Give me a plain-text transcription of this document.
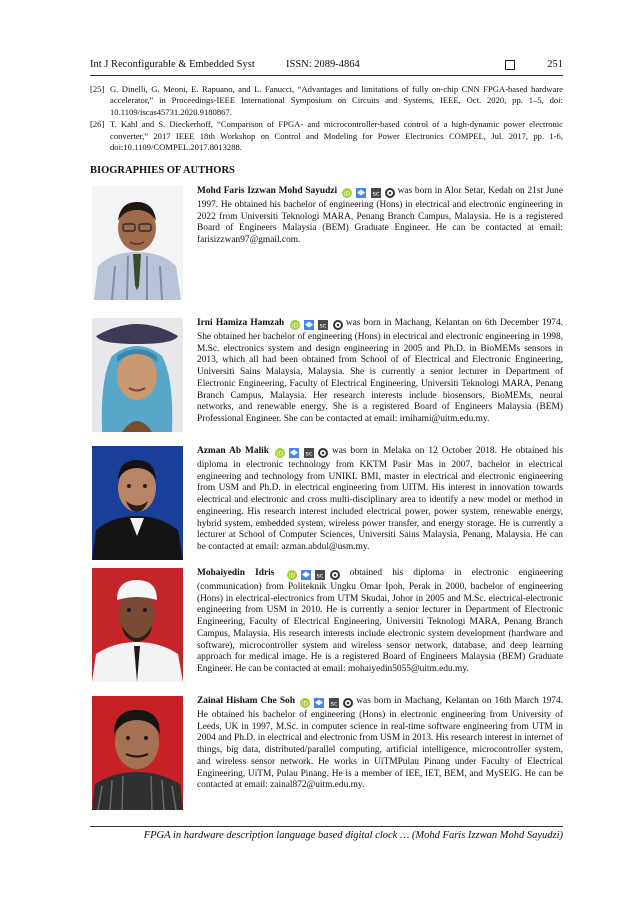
Int J Reconfigurable & Embedded Syst	ISSN: 2089-4864	251
[25] G. Dinelli, G. Meoni, E. Rapuano, and L. Fanucci, “Advantages and limitations of fully on-chip CNN FPGA-based hardware accelerator,” in Proceedings-IEEE International Symposium on Circuits and Systems, IEEE, Oct. 2020, pp. 1–5, doi: 10.1109/iscas45731.2020.9180867.
[26] T. Kahl and S. Dieckerhoff, “Comparison of FPGA- and microcontroller-based control of a high-dynamic power electronic converter,” 2017 IEEE 18th Workshop on Control and Modeling for Power Electronics COMPEL, Jul. 2017, pp. 1-6, doi:10.1109/COMPEL.2017.8013288.
BIOGRAPHIES OF AUTHORS
Mohd Faris Izzwan Mohd Sayudzi iD
	sc was born in Alor Setar, Kedah on 21st June 1997. He obtained his bachelor of engineering (Hons) in electrical and electronic engineering in 2022 from Universiti Teknologi MARA, Penang Branch Campus, Malaysia. He is a registered Board of Engineers Malaysia (BEM) Graduate Engineer. He can be contacted at email: farisizzwan97@gmail.com.
Irni Hamiza Hamzah iD
	sc was born in Machang, Kelantan on 6th December 1974. She obtained her bachelor of engineering (Hons) in electrical and electronic engineering in 1998, M.Sc. electronics system and design engineering in 2005 and Ph.D. in BioMEMs sensors in 2013, which all had been obtained from School of of Electrical and Electronic Engineering, Universiti Sains Malaysia, Malaysia. She is currently a senior lecturer in Department of Electronic Engineering, Faculty of Electrical Engineering, Universiti Teknologi MARA, Penang Branch Campus, Malaysia. Her research interests include biosensors, BioMEMs, neural networks, and renewable energy. She is a registered Board of Engineers Malaysia (BEM) Professional Engineer. She can be contacted at email: irnihami@uitm.edu.my.
Azman Ab Malik iD
	sc was born in Melaka on 12 October 2018. He obtained his diploma in electronic technology from KKTM Pasir Mas in 2007, bachelor in electrical engineering and technology from UNIKL BMI, master in electrical and electronic engineering from USM and Ph.D. in electrical engineering from UITM. His interest in innovation towards electrical and electronic and cross multi-disciplinary area to identify a new model or method in engineering. His research interest included electrical power, power system, renewable energy, hybrid system, embedded system, wireless power transfer, and energy storage. He is currently a lecturer at School of Computer Sciences, Universiti Sains Malaysia, Penang, Malaysia. He can be contacted at email: azman.abdul@usm.my.
Mohaiyedin Idris iD
	sc	obtained his diploma in electronic engineering (communication) from Politeknik Ungku Omar Ipoh, Perak in 2000, bachelor of engineering (Hons) in electrical-electronics from UTM Skudai, Johor in 2005 and M.Sc. electrical-electronic engineering from USM in 2010. He is currently a senior lecturer in Department of Electronic Engineering, Faculty of Electrical Engineering, Universiti Teknologi MARA, Penang Branch Campus, Malaysia. His research interests include electronic system development (hardware and software), microcontroller system and wireless sensor network, database, and deep learning approach for medical image. He is a registered Board of Engineers Malaysia (BEM) Graduate Engineer. He can be contacted at email: mohaiyedin5055@uitm.edu.my.
Zainal Hisham Che Soh iD
	sc was born in Machang, Kelantan on 16th March 1974. He obtained his bachelor of engineering (Hons) in electronic engineering from University of Leeds, UK in 1997, M.Sc. in computer science in real-time software engineering from UTM in 2004 and Ph.D. in electrical and electronic from USM in 2013. His research interest in internet of things, big data, distributed/parallel computing, artificial intelligence, microcontroller system, and wireless sensor network. He works in UiTMPulau Pinang under Faculty of Electrical Engineering, UiTM, Pulau Pinang. He is a member of IEE, IET, BEM, and MySEIG. He can be contacted at email: zainal872@uitm.edu.my.
FPGA in hardware description language based digital clock … (Mohd Faris Izzwan Mohd Sayudzi)
